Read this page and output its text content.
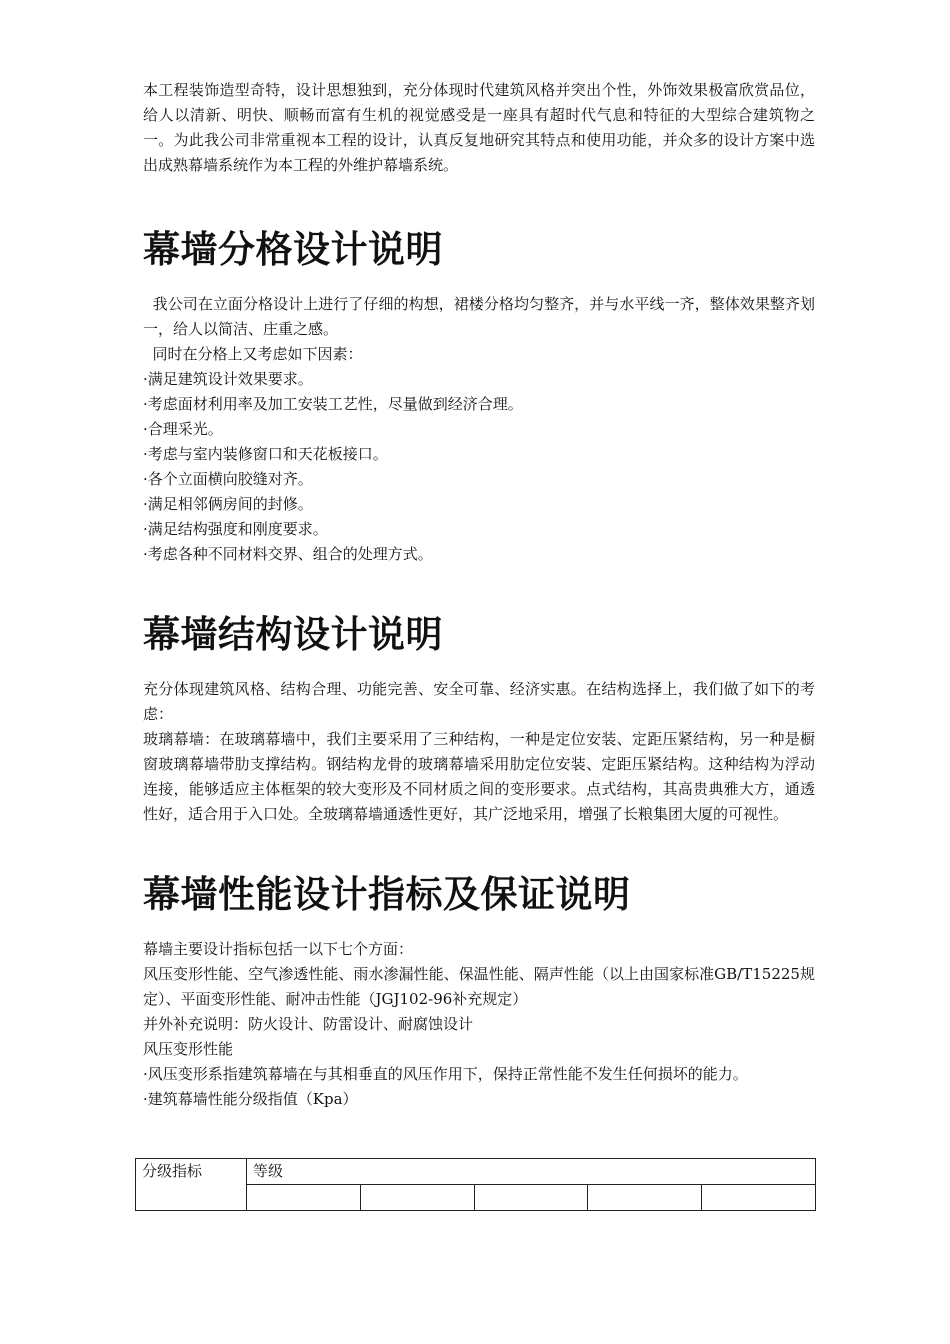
本工程装饰造型奇特，设计思想独到，充分体现时代建筑风格并突出个性，外饰效果极富欣赏品位，给人以清新、明快、顺畅而富有生机的视觉感受是一座具有超时代气息和特征的大型综合建筑物之一。为此我公司非常重视本工程的设计，认真反复地研究其特点和使用功能，并众多的设计方案中选出成熟幕墙系统作为本工程的外维护幕墙系统。

幕墙分格设计说明

我公司在立面分格设计上进行了仔细的构想，裙楼分格均匀整齐，并与水平线一齐，整体效果整齐划一，给人以简洁、庄重之感。

同时在分格上又考虑如下因素：

·满足建筑设计效果要求。

·考虑面材利用率及加工安装工艺性，尽量做到经济合理。

·合理采光。

·考虑与室内装修窗口和天花板接口。

·各个立面横向胶缝对齐。

·满足相邻俩房间的封修。

·满足结构强度和刚度要求。

·考虑各种不同材料交界、组合的处理方式。

幕墙结构设计说明

充分体现建筑风格、结构合理、功能完善、安全可靠、经济实惠。在结构选择上，我们做了如下的考虑：

玻璃幕墙：在玻璃幕墙中，我们主要采用了三种结构，一种是定位安装、定距压紧结构，另一种是橱窗玻璃幕墙带肋支撑结构。钢结构龙骨的玻璃幕墙采用肋定位安装、定距压紧结构。这种结构为浮动连接，能够适应主体框架的较大变形及不同材质之间的变形要求。点式结构，其高贵典雅大方，通透性好，适合用于入口处。全玻璃幕墙通透性更好，其广泛地采用，增强了长粮集团大厦的可视性。

幕墙性能设计指标及保证说明

幕墙主要设计指标包括一以下七个方面：

风压变形性能、空气渗透性能、雨水渗漏性能、保温性能、隔声性能（以上由国家标准GB/T15225规定）、平面变形性能、耐冲击性能（JGJ102-96补充规定）

并外补充说明：防火设计、防雷设计、耐腐蚀设计

风压变形性能

·风压变形系指建筑幕墙在与其相垂直的风压作用下，保持正常性能不发生任何损坏的能力。

·建筑幕墙性能分级指值（Kpa）

分级指标	等级				
